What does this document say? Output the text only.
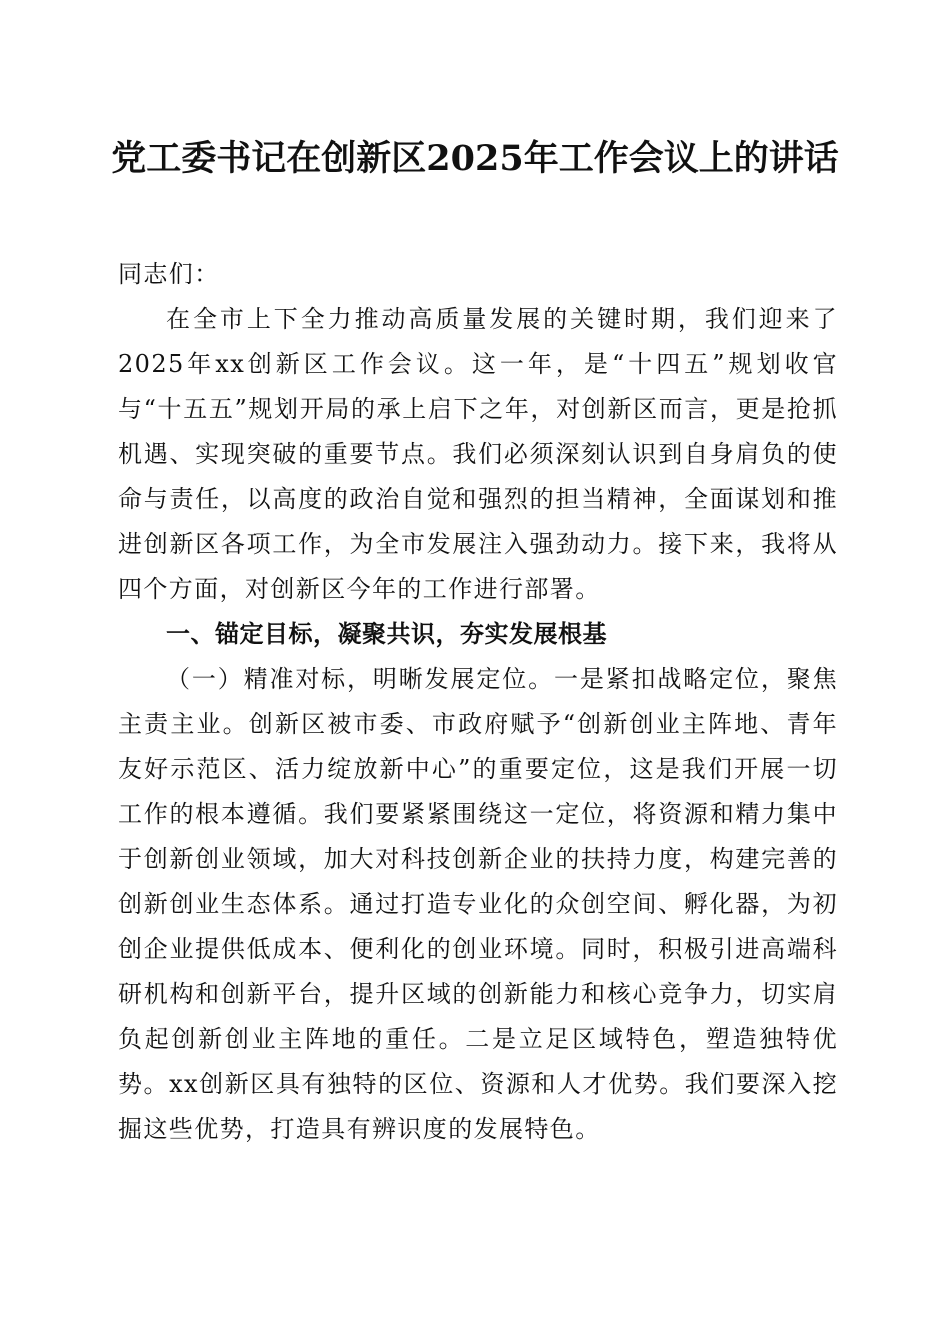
党工委书记在创新区2025年工作会议上的讲话

同志们：

在全市上下全力推动高质量发展的关键时期，我们迎来了2025年xx创新区工作会议。这一年，是“十四五”规划收官与“十五五”规划开局的承上启下之年，对创新区而言，更是抢抓机遇、实现突破的重要节点。我们必须深刻认识到自身肩负的使命与责任，以高度的政治自觉和强烈的担当精神，全面谋划和推进创新区各项工作，为全市发展注入强劲动力。接下来，我将从四个方面，对创新区今年的工作进行部署。

一、锚定目标，凝聚共识，夯实发展根基

（一）精准对标，明晰发展定位。一是紧扣战略定位，聚焦主责主业。创新区被市委、市政府赋予“创新创业主阵地、青年友好示范区、活力绽放新中心”的重要定位，这是我们开展一切工作的根本遵循。我们要紧紧围绕这一定位，将资源和精力集中于创新创业领域，加大对科技创新企业的扶持力度，构建完善的创新创业生态体系。通过打造专业化的众创空间、孵化器，为初创企业提供低成本、便利化的创业环境。同时，积极引进高端科研机构和创新平台，提升区域的创新能力和核心竞争力，切实肩负起创新创业主阵地的重任。二是立足区域特色，塑造独特优势。xx创新区具有独特的区位、资源和人才优势。我们要深入挖掘这些优势，打造具有辨识度的发展特色。
